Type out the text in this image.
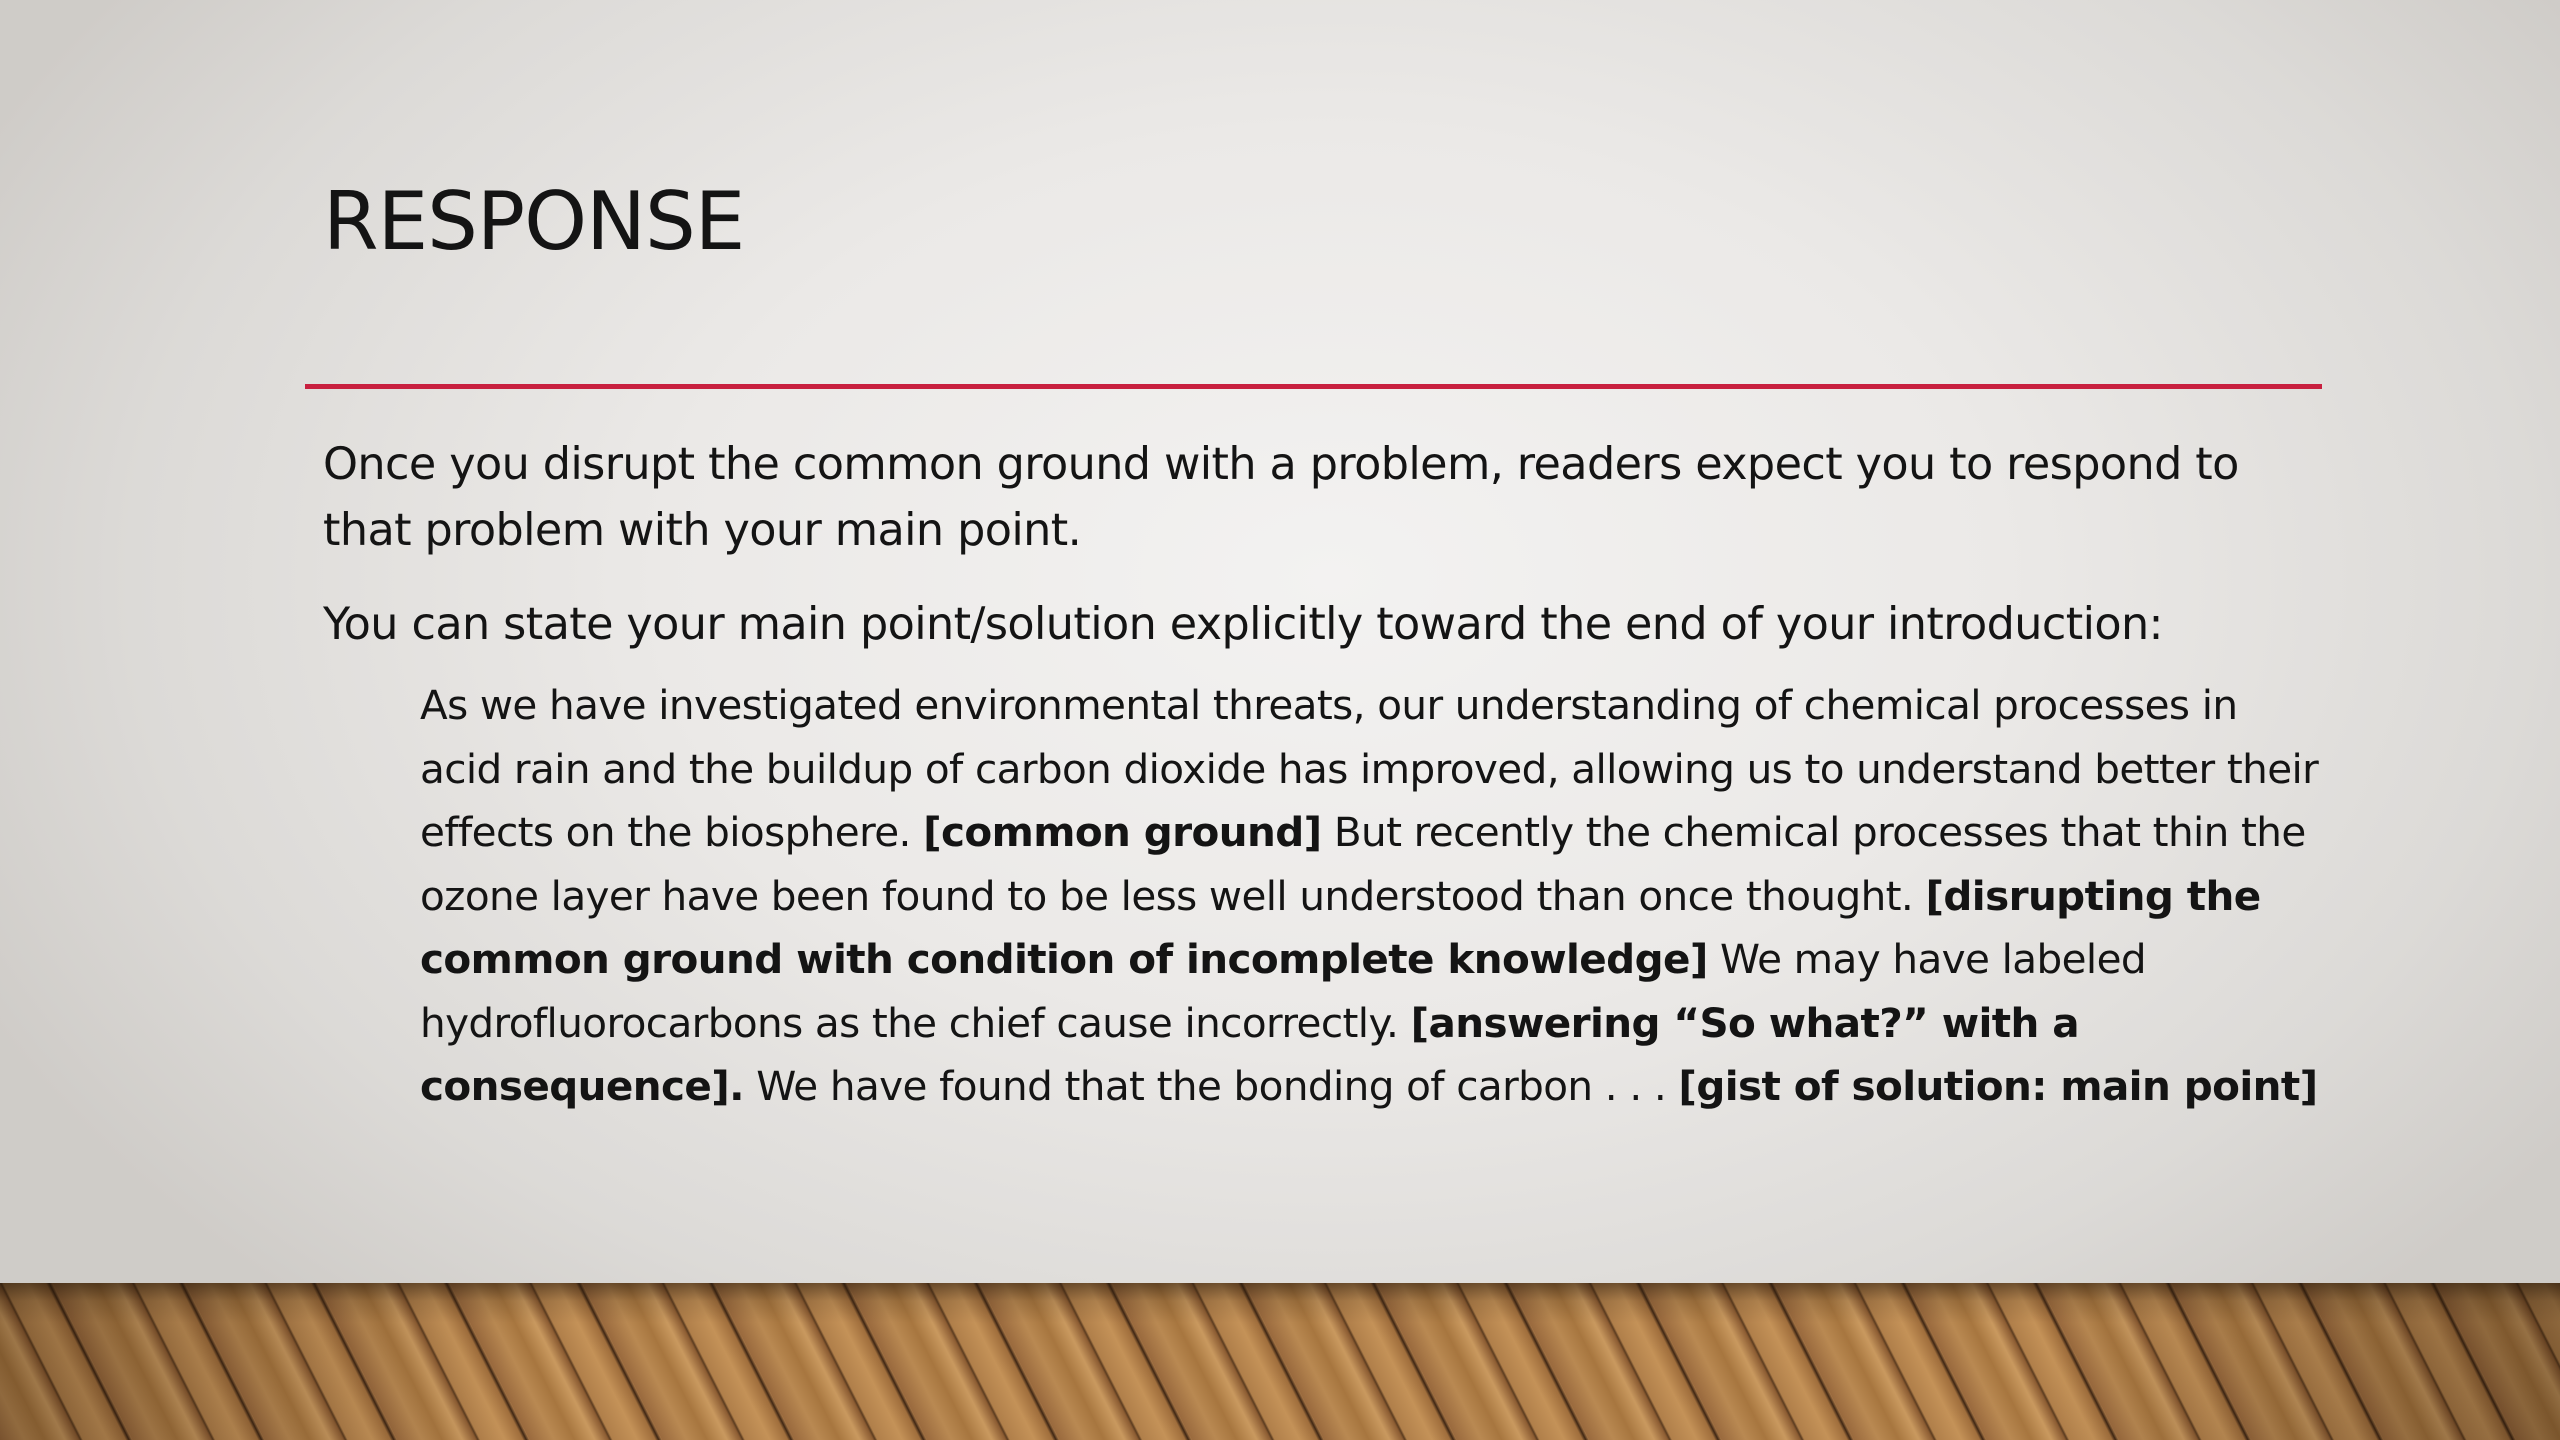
RESPONSE

Once you disrupt the common ground with a problem, readers expect you to respond to that problem with your main point.

You can state your main point/solution explicitly toward the end of your introduction:

As we have investigated environmental threats, our understanding of chemical processes in acid rain and the buildup of carbon dioxide has improved, allowing us to understand better their effects on the biosphere. [common ground] But recently the chemical processes that thin the ozone layer have been found to be less well understood than once thought. [disrupting the common ground with condition of incomplete knowledge] We may have labeled hydrofluorocarbons as the chief cause incorrectly. [answering “So what?” with a consequence]. We have found that the bonding of carbon . . . [gist of solution: main point]
